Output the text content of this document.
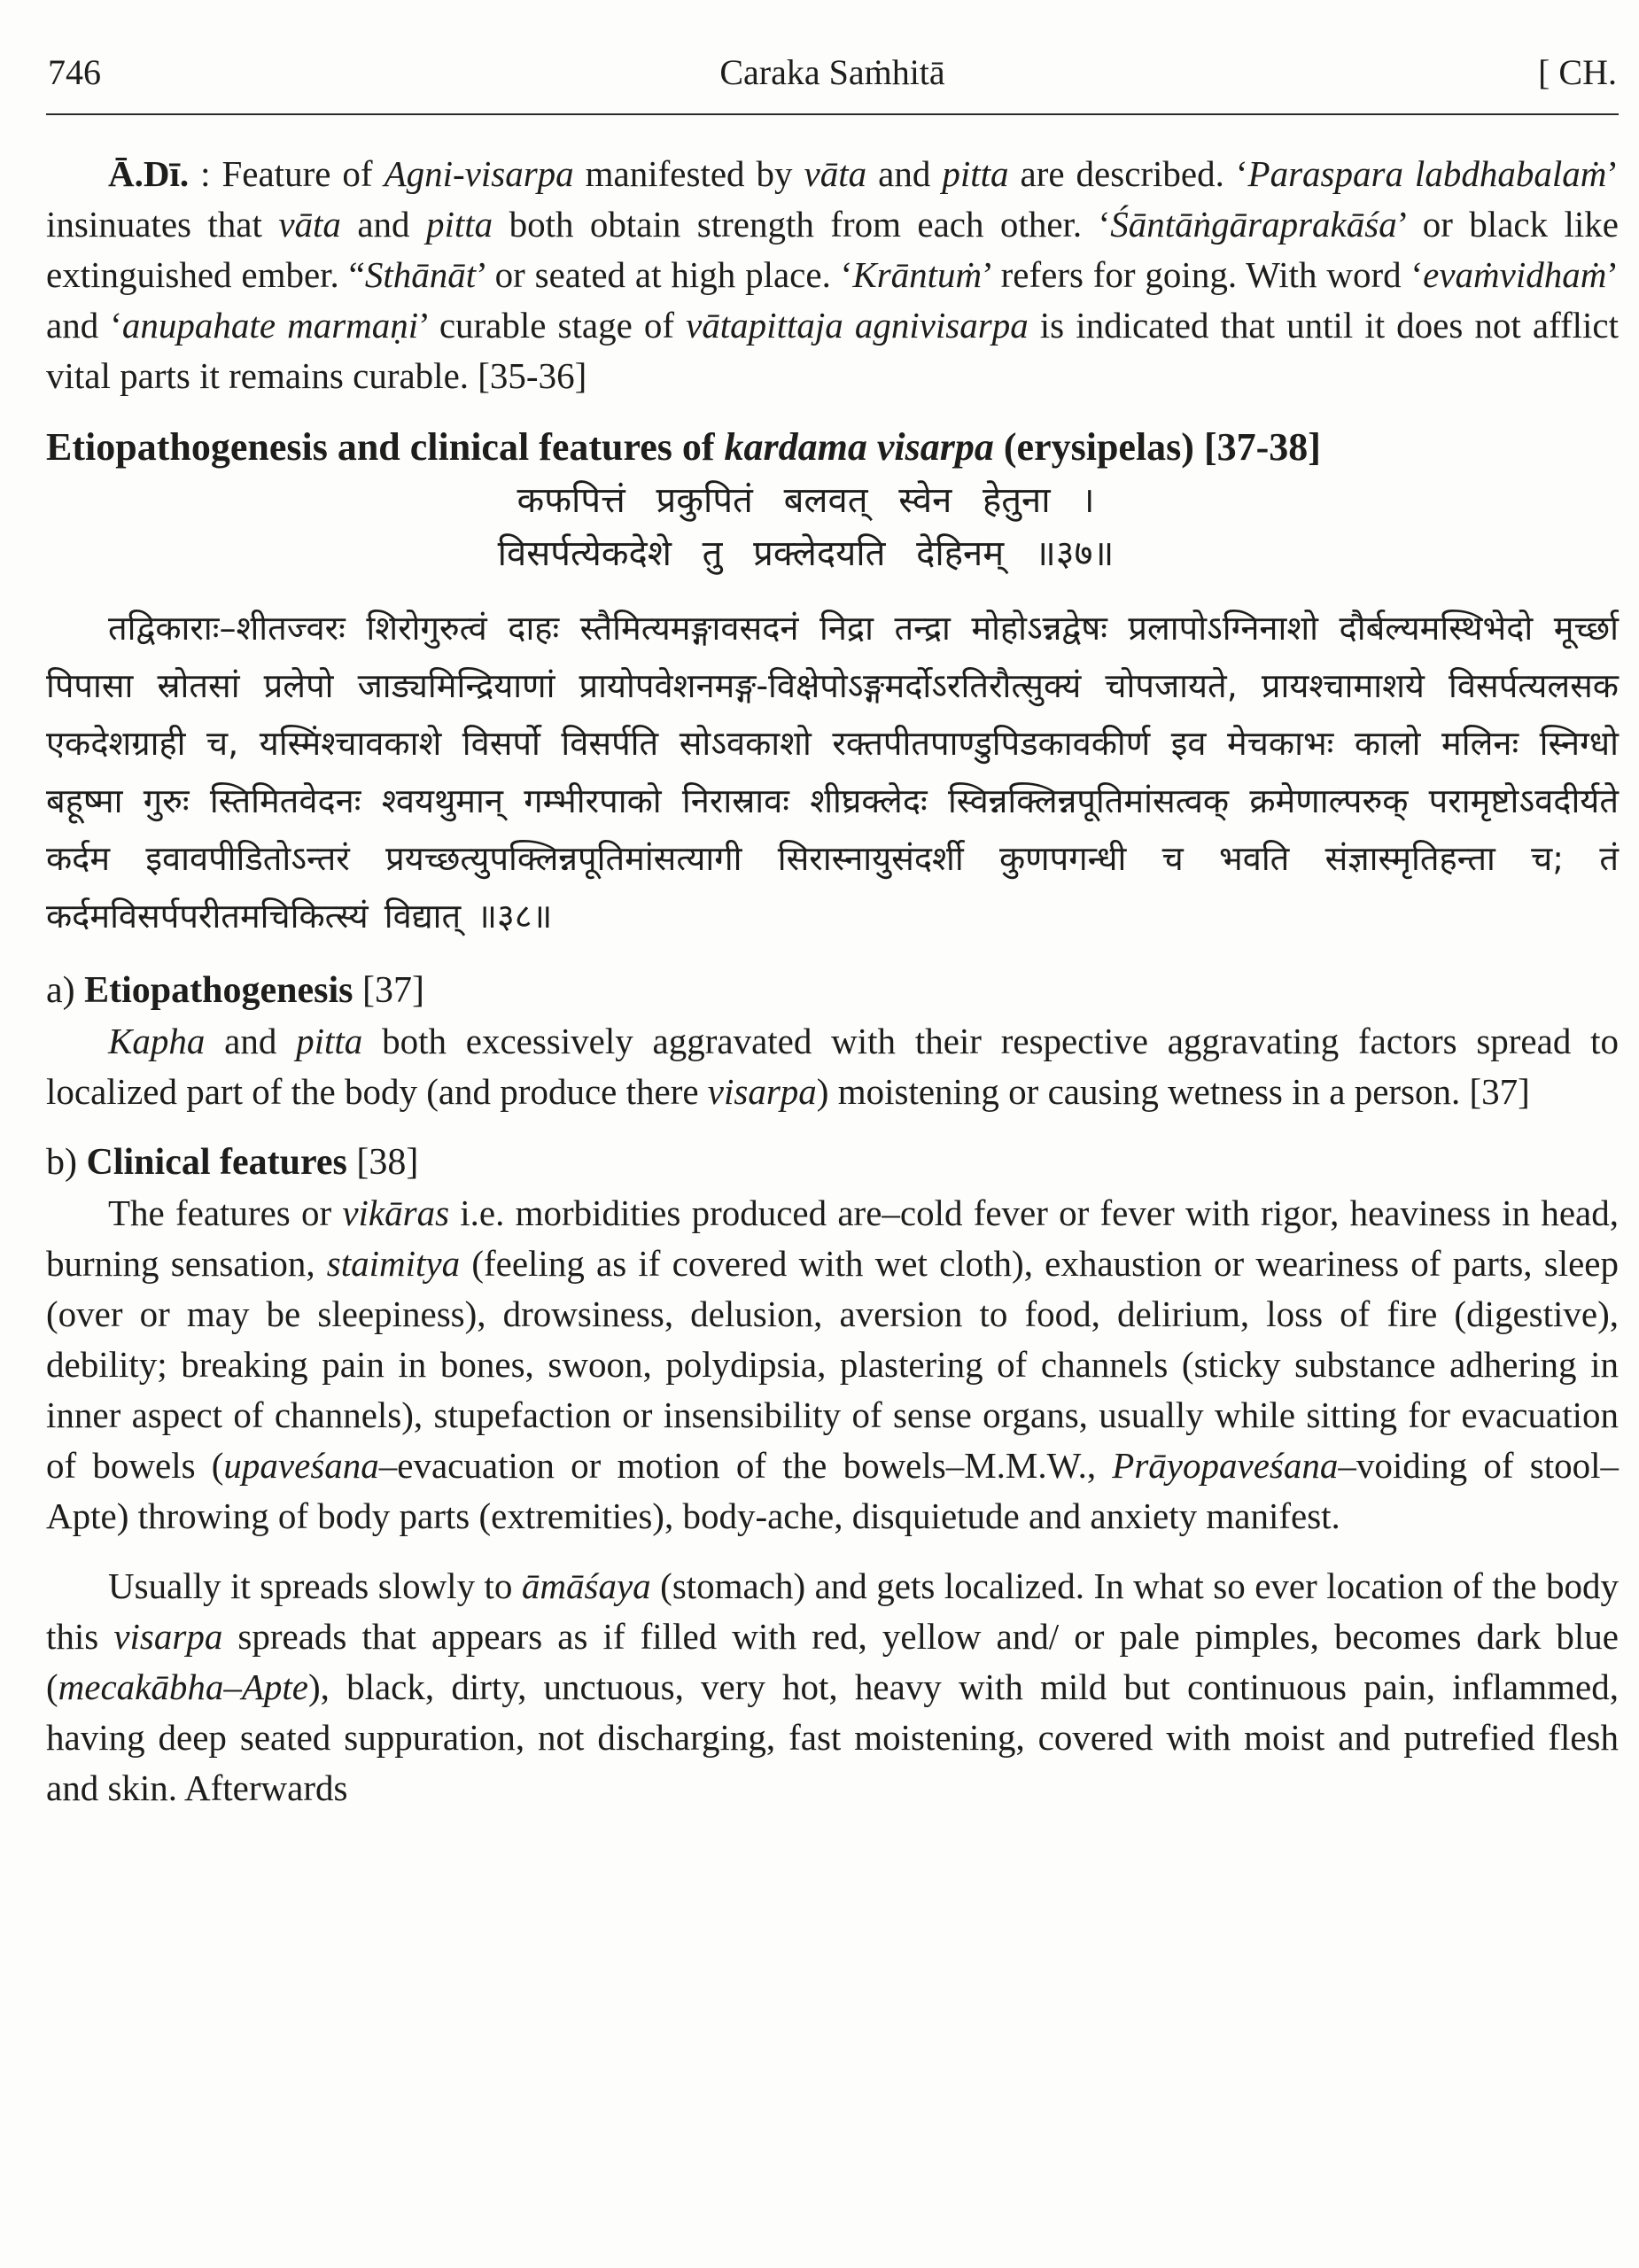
746	Caraka Saṁhitā	[ CH.

Ā.Dī. : Feature of Agni-visarpa manifested by vāta and pitta are described. ‘Paraspara labdhabalaṁ’ insinuates that vāta and pitta both obtain strength from each other. ‘Śāntāṅgāraprakāśa’ or black like extinguished ember. “Sthānāt’ or seated at high place. ‘Krāntuṁ’ refers for going. With word ‘evaṁvidhaṁ’ and ‘anupahate marmaṇi’ curable stage of vātapittaja agnivisarpa is indicated that until it does not afflict vital parts it remains curable. [35-36]

Etiopathogenesis and clinical features of kardama visarpa (erysipelas) [37-38]

कफपित्तं प्रकुपितं बलवत् स्वेन हेतुना ।
विसर्पत्येकदेशे तु प्रक्लेदयति देहिनम् ॥३७॥

तद्विकाराः–शीतज्वरः शिरोगुरुत्वं दाहः स्तैमित्यमङ्गावसदनं निद्रा तन्द्रा मोहोऽन्नद्वेषः प्रलापोऽग्निनाशो दौर्बल्यमस्थिभेदो मूर्च्छा पिपासा स्रोतसां प्रलेपो जाड्यमिन्द्रियाणां प्रायोपवेशनमङ्ग-विक्षेपोऽङ्गमर्दोऽरतिरौत्सुक्यं चोपजायते, प्रायश्चामाशये विसर्पत्यलसक एकदेशग्राही च, यस्मिंश्चावकाशे विसर्पो विसर्पति सोऽवकाशो रक्तपीतपाण्डुपिडकावकीर्ण इव मेचकाभः कालो मलिनः स्निग्धो बहूष्मा गुरुः स्तिमितवेदनः श्वयथुमान् गम्भीरपाको निरास्रावः शीघ्रक्लेदः स्विन्नक्लिन्नपूतिमांसत्वक् क्रमेणाल्परुक् परामृष्टोऽवदीर्यते कर्दम इवावपीडितोऽन्तरं प्रयच्छत्युपक्लिन्नपूतिमांसत्यागी सिरास्नायुसंदर्शी कुणपगन्धी च भवति संज्ञास्मृतिहन्ता च; तं कर्दमविसर्पपरीतमचिकित्स्यं विद्यात् ॥३८॥

a) Etiopathogenesis [37]

Kapha and pitta both excessively aggravated with their respective aggravating factors spread to localized part of the body (and produce there visarpa) moistening or causing wetness in a person. [37]

b) Clinical features [38]

The features or vikāras i.e. morbidities produced are–cold fever or fever with rigor, heaviness in head, burning sensation, staimitya (feeling as if covered with wet cloth), exhaustion or weariness of parts, sleep (over or may be sleepiness), drowsiness, delusion, aversion to food, delirium, loss of fire (digestive), debility; breaking pain in bones, swoon, polydipsia, plastering of channels (sticky substance adhering in inner aspect of channels), stupefaction or insensibility of sense organs, usually while sitting for evacuation of bowels (upaveśana–evacuation or motion of the bowels–M.M.W., Prāyopaveśana–voiding of stool–Apte) throwing of body parts (extremities), body-ache, disquietude and anxiety manifest.

Usually it spreads slowly to āmāśaya (stomach) and gets localized. In what so ever location of the body this visarpa spreads that appears as if filled with red, yellow and/ or pale pimples, becomes dark blue (mecakābha–Apte), black, dirty, unctuous, very hot, heavy with mild but continuous pain, inflammed, having deep seated suppuration, not discharging, fast moistening, covered with moist and putrefied flesh and skin. Afterwards
